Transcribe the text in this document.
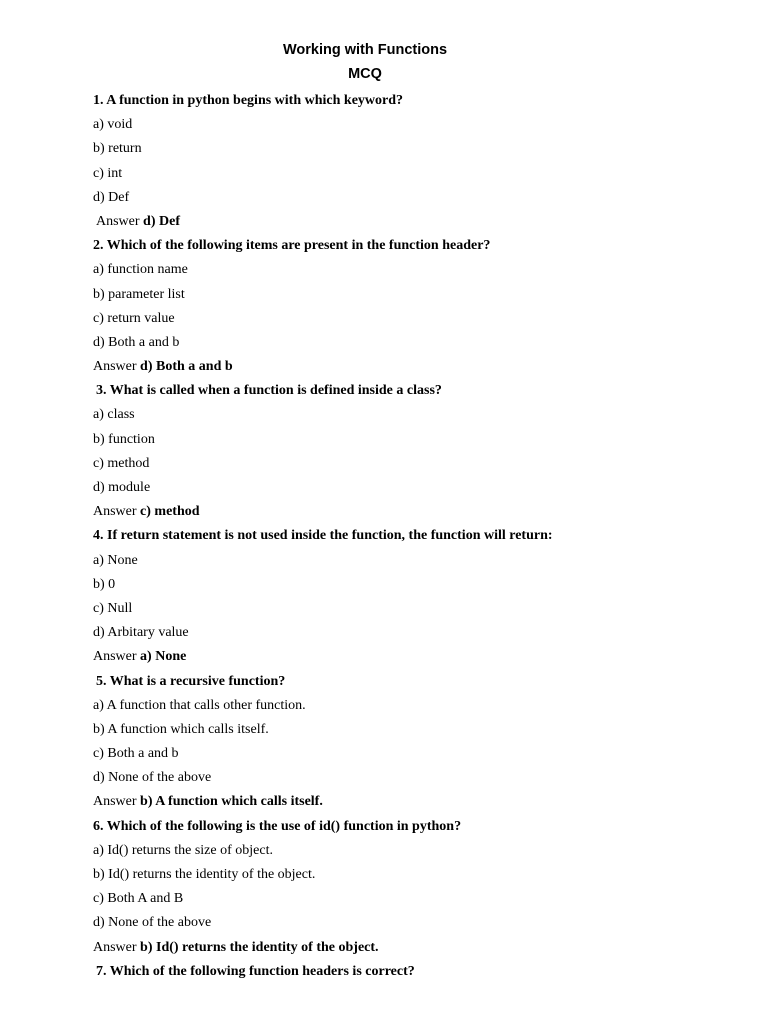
Working with Functions
MCQ
1. A function in python begins with which keyword?
a) void
b) return
c) int
d) Def
Answer d) Def
2. Which of the following items are present in the function header?
a) function name
b) parameter list
c) return value
d) Both a and b
Answer d) Both a and b
3. What is called when a function is defined inside a class?
a) class
b) function
c) method
d) module
Answer c) method
4. If return statement is not used inside the function, the function will return:
a) None
b) 0
c) Null
d) Arbitary value
Answer a) None
5. What is a recursive function?
a) A function that calls other function.
b) A function which calls itself.
c) Both a and b
d) None of the above
Answer b) A function which calls itself.
6. Which of the following is the use of id() function in python?
a) Id() returns the size of object.
b) Id() returns the identity of the object.
c) Both A and B
d) None of the above
Answer b) Id() returns the identity of the object.
7. Which of the following function headers is correct?
